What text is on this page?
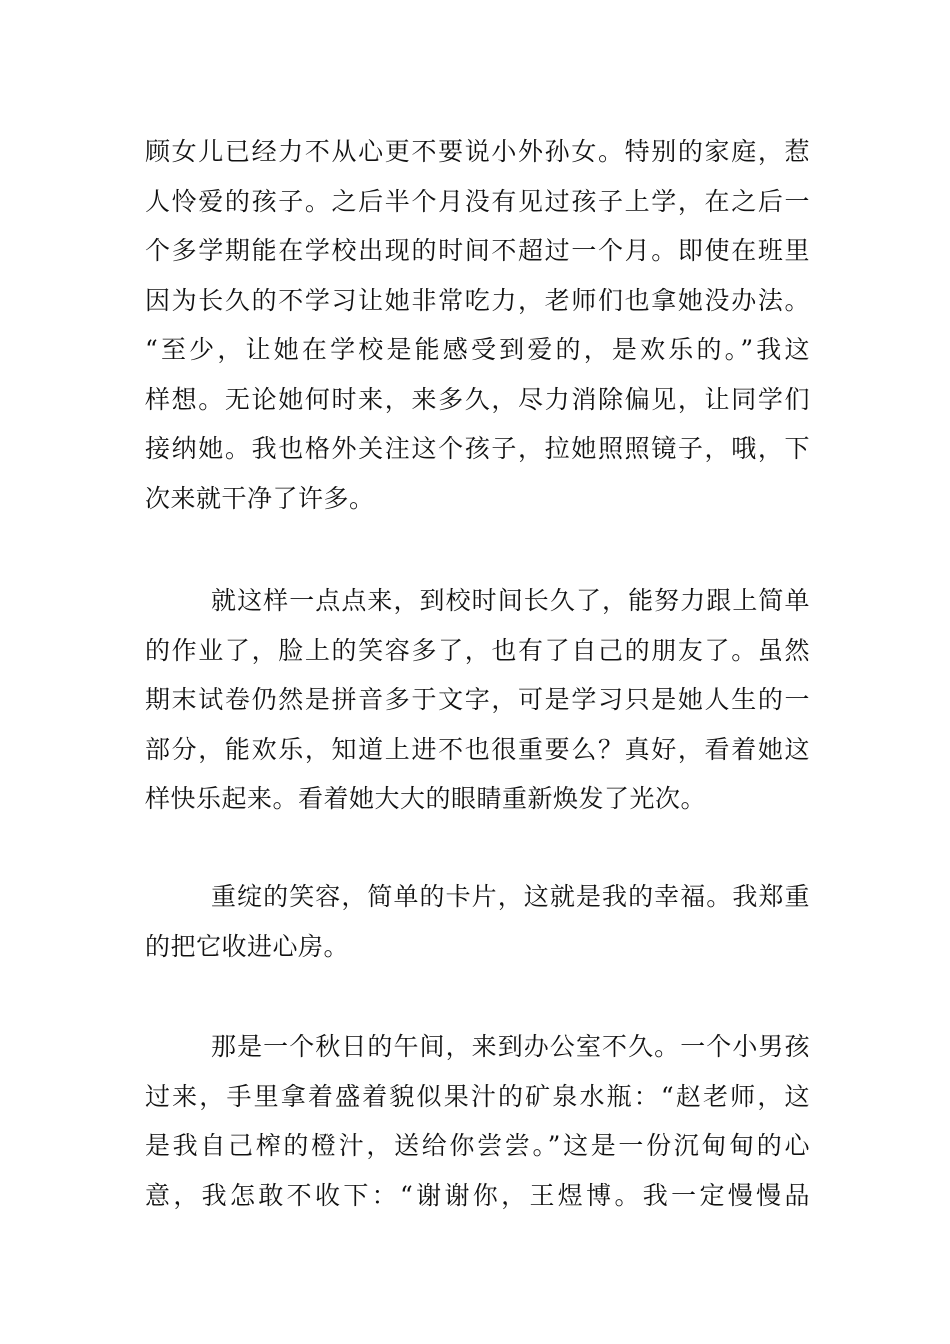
顾女儿已经力不从心更不要说小外孙女。特别的家庭，惹
人怜爱的孩子。之后半个月没有见过孩子上学，在之后一
个多学期能在学校出现的时间不超过一个月。即使在班里
因为长久的不学习让她非常吃力，老师们也拿她没办法。
“至少，让她在学校是能感受到爱的，是欢乐的。”我这
样想。无论她何时来，来多久，尽力消除偏见，让同学们
接纳她。我也格外关注这个孩子，拉她照照镜子，哦，下
次来就干净了许多。
就这样一点点来，到校时间长久了，能努力跟上简单
的作业了，脸上的笑容多了，也有了自己的朋友了。虽然
期末试卷仍然是拼音多于文字，可是学习只是她人生的一
部分，能欢乐，知道上进不也很重要么？真好，看着她这
样快乐起来。看着她大大的眼睛重新焕发了光次。
重绽的笑容，简单的卡片，这就是我的幸福。我郑重
的把它收进心房。
那是一个秋日的午间，来到办公室不久。一个小男孩
过来，手里拿着盛着貌似果汁的矿泉水瓶：“赵老师，这
是我自己榨的橙汁，送给你尝尝。”这是一份沉甸甸的心
意，我怎敢不收下：“谢谢你，王煜博。我一定慢慢品
